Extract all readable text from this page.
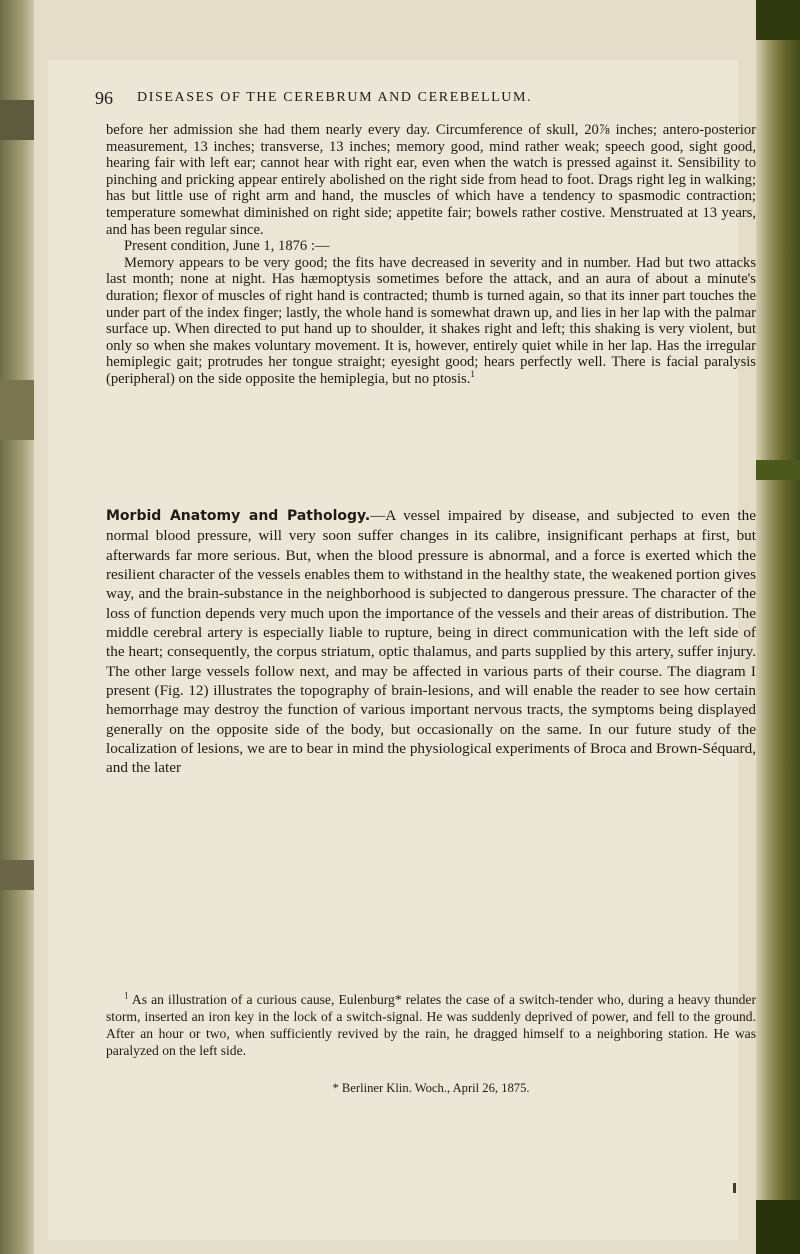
96 DISEASES OF THE CEREBRUM AND CEREBELLUM.

before her admission she had them nearly every day. Circumference of skull, 20⅞ inches; antero-posterior measurement, 13 inches; transverse, 13 inches; memory good, mind rather weak; speech good, sight good, hearing fair with left ear; cannot hear with right ear, even when the watch is pressed against it. Sensibility to pinching and pricking appear entirely abolished on the right side from head to foot. Drags right leg in walking; has but little use of right arm and hand, the muscles of which have a tendency to spasmodic contraction; temperature somewhat diminished on right side; appetite fair; bowels rather costive. Menstruated at 13 years, and has been regular since.

Present condition, June 1, 1876 :—

Memory appears to be very good; the fits have decreased in severity and in number. Had but two attacks last month; none at night. Has hæmoptysis sometimes before the attack, and an aura of about a minute's duration; flexor of muscles of right hand is contracted; thumb is turned again, so that its inner part touches the under part of the index finger; lastly, the whole hand is somewhat drawn up, and lies in her lap with the palmar surface up. When directed to put hand up to shoulder, it shakes right and left; this shaking is very violent, but only so when she makes voluntary movement. It is, however, entirely quiet while in her lap. Has the irregular hemiplegic gait; protrudes her tongue straight; eyesight good; hears perfectly well. There is facial paralysis (peripheral) on the side opposite the hemiplegia, but no ptosis.$^1$

Morbid Anatomy and Pathology.—A vessel impaired by disease, and subjected to even the normal blood pressure, will very soon suffer changes in its calibre, insignificant perhaps at first, but afterwards far more serious. But, when the blood pressure is abnormal, and a force is exerted which the resilient character of the vessels enables them to withstand in the healthy state, the weakened portion gives way, and the brain-substance in the neighborhood is subjected to dangerous pressure. The character of the loss of function depends very much upon the importance of the vessels and their areas of distribution. The middle cerebral artery is especially liable to rupture, being in direct communication with the left side of the heart; consequently, the corpus striatum, optic thalamus, and parts supplied by this artery, suffer injury. The other large vessels follow next, and may be affected in various parts of their course. The diagram I present (Fig. 12) illustrates the topography of brain-lesions, and will enable the reader to see how certain hemorrhage may destroy the function of various important nervous tracts, the symptoms being displayed generally on the opposite side of the body, but occasionally on the same. In our future study of the localization of lesions, we are to bear in mind the physiological experiments of Broca and Brown-Séquard, and the later

$^1$ As an illustration of a curious cause, Eulenburg* relates the case of a switch-tender who, during a heavy thunder storm, inserted an iron key in the lock of a switch-signal. He was suddenly deprived of power, and fell to the ground. After an hour or two, when sufficiently revived by the rain, he dragged himself to a neighboring station. He was paralyzed on the left side.

* Berliner Klin. Woch., April 26, 1875.
